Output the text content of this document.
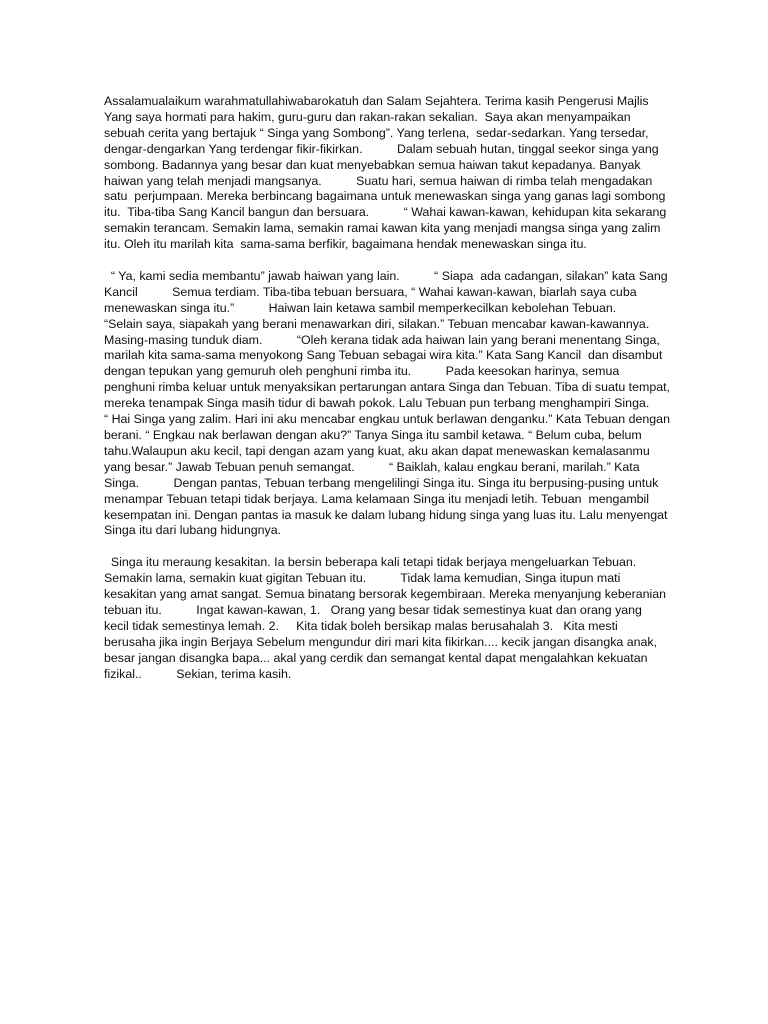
Assalamualaikum warahmatullahiwabarokatuh dan Salam Sejahtera. Terima kasih Pengerusi Majlis Yang saya hormati para hakim, guru-guru dan rakan-rakan sekalian.  Saya akan menyampaikan sebuah cerita yang bertajuk “ Singa yang Sombong”. Yang terlena,  sedar-sedarkan. Yang tersedar, dengar-dengarkan Yang terdengar fikir-fikirkan.          Dalam sebuah hutan, tinggal seekor singa yang sombong. Badannya yang besar dan kuat menyebabkan semua haiwan takut kepadanya. Banyak haiwan yang telah menjadi mangsanya.          Suatu hari, semua haiwan di rimba telah mengadakan satu  perjumpaan. Mereka berbincang bagaimana untuk menewaskan singa yang ganas lagi sombong itu.  Tiba-tiba Sang Kancil bangun dan bersuara.          “ Wahai kawan-kawan, kehidupan kita sekarang semakin terancam. Semakin lama, semakin ramai kawan kita yang menjadi mangsa singa yang zalim itu. Oleh itu marilah kita  sama-sama berfikir, bagaimana hendak menewaskan singa itu.

“ Ya, kami sedia membantu” jawab haiwan yang lain.          “ Siapa  ada cadangan, silakan” kata Sang Kancil          Semua terdiam. Tiba-tiba tebuan bersuara, “ Wahai kawan-kawan, biarlah saya cuba menewaskan singa itu.”          Haiwan lain ketawa sambil memperkecilkan kebolehan Tebuan.          “Selain saya, siapakah yang berani menawarkan diri, silakan.” Tebuan mencabar kawan-kawannya. Masing-masing tunduk diam.          “Oleh kerana tidak ada haiwan lain yang berani menentang Singa, marilah kita sama-sama menyokong Sang Tebuan sebagai wira kita.” Kata Sang Kancil  dan disambut dengan tepukan yang gemuruh oleh penghuni rimba itu.          Pada keesokan harinya, semua penghuni rimba keluar untuk menyaksikan pertarungan antara Singa dan Tebuan. Tiba di suatu tempat, mereka tenampak Singa masih tidur di bawah pokok. Lalu Tebuan pun terbang menghampiri Singa.          “ Hai Singa yang zalim. Hari ini aku mencabar engkau untuk berlawan denganku.” Kata Tebuan dengan berani. “ Engkau nak berlawan dengan aku?” Tanya Singa itu sambil ketawa. “ Belum cuba, belum tahu.Walaupun aku kecil, tapi dengan azam yang kuat, aku akan dapat menewaskan kemalasanmu yang besar.” Jawab Tebuan penuh semangat.          “ Baiklah, kalau engkau berani, marilah.” Kata Singa.          Dengan pantas, Tebuan terbang mengelilingi Singa itu. Singa itu berpusing-pusing untuk menampar Tebuan tetapi tidak berjaya. Lama kelamaan Singa itu menjadi letih. Tebuan  mengambil kesempatan ini. Dengan pantas ia masuk ke dalam lubang hidung singa yang luas itu. Lalu menyengat Singa itu dari lubang hidungnya.

Singa itu meraung kesakitan. Ia bersin beberapa kali tetapi tidak berjaya mengeluarkan Tebuan. Semakin lama, semakin kuat gigitan Tebuan itu.          Tidak lama kemudian, Singa itupun mati kesakitan yang amat sangat. Semua binatang bersorak kegembiraan. Mereka menyanjung keberanian tebuan itu.          Ingat kawan-kawan, 1.   Orang yang besar tidak semestinya kuat dan orang yang kecil tidak semestinya lemah. 2.     Kita tidak boleh bersikap malas berusahalah 3.   Kita mesti berusaha jika ingin Berjaya Sebelum mengundur diri mari kita fikirkan.... kecik jangan disangka anak, besar jangan disangka bapa... akal yang cerdik dan semangat kental dapat mengalahkan kekuatan fizikal..          Sekian, terima kasih.
